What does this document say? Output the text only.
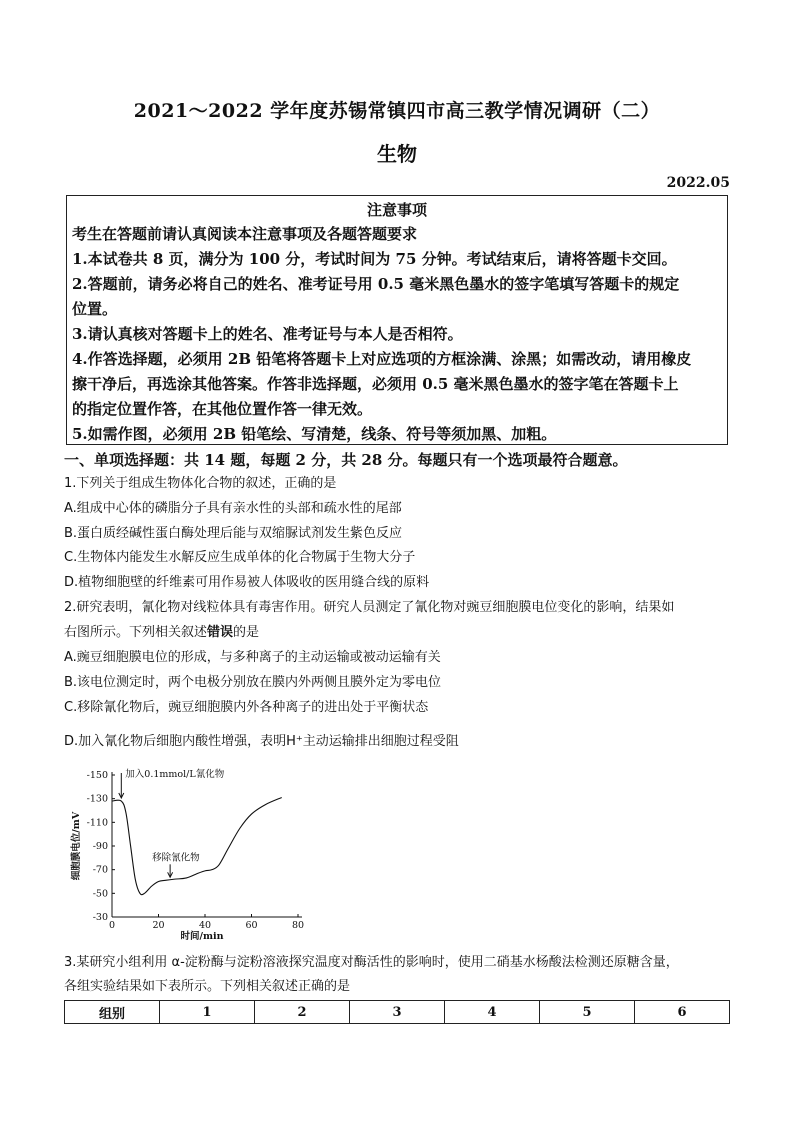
2021～2022 学年度苏锡常镇四市高三教学情况调研（二）
生物
2022.05
注意事项
考生在答题前请认真阅读本注意事项及各题答题要求
1.本试卷共 8 页，满分为 100 分，考试时间为 75 分钟。考试结束后，请将答题卡交回。
2.答题前，请务必将自己的姓名、准考证号用 0.5 毫米黑色墨水的签字笔填写答题卡的规定
位置。
3.请认真核对答题卡上的姓名、准考证号与本人是否相符。
4.作答选择题，必须用 2B 铅笔将答题卡上对应选项的方框涂满、涂黑；如需改动，请用橡皮
擦干净后，再选涂其他答案。作答非选择题，必须用 0.5 毫米黑色墨水的签字笔在答题卡上
的指定位置作答，在其他位置作答一律无效。
5.如需作图，必须用 2B 铅笔绘、写清楚，线条、符号等须加黑、加粗。
一、单项选择题：共 14 题，每题 2 分，共 28 分。每题只有一个选项最符合题意。
1.下列关于组成生物体化合物的叙述，正确的是
A.组成中心体的磷脂分子具有亲水性的头部和疏水性的尾部
B.蛋白质经碱性蛋白酶处理后能与双缩脲试剂发生紫色反应
C.生物体内能发生水解反应生成单体的化合物属于生物大分子
D.植物细胞壁的纤维素可用作易被人体吸收的医用缝合线的原料
2.研究表明，氰化物对线粒体具有毒害作用。研究人员测定了氰化物对豌豆细胞膜电位变化的影响，结果如
右图所示。下列相关叙述错误的是
A.豌豆细胞膜电位的形成，与多种离子的主动运输或被动运输有关
B.该电位测定时，两个电极分别放在膜内外两侧且膜外定为零电位
C.移除氰化物后，豌豆细胞膜内外各种离子的进出处于平衡状态
D.加入氰化物后细胞内酸性增强，表明H⁺主动运输排出细胞过程受阻
-150
-130
-110
-90
-70
-50
-30
0	20	40	60	80
时间/min
细胞膜电位/mV
加入0.1mmol/L氰化物
移除氰化物
3.某研究小组利用 α-淀粉酶与淀粉溶液探究温度对酶活性的影响时，使用二硝基水杨酸法检测还原糖含量，
各组实验结果如下表所示。下列相关叙述正确的是
组别	1	2	3	4	5	6
